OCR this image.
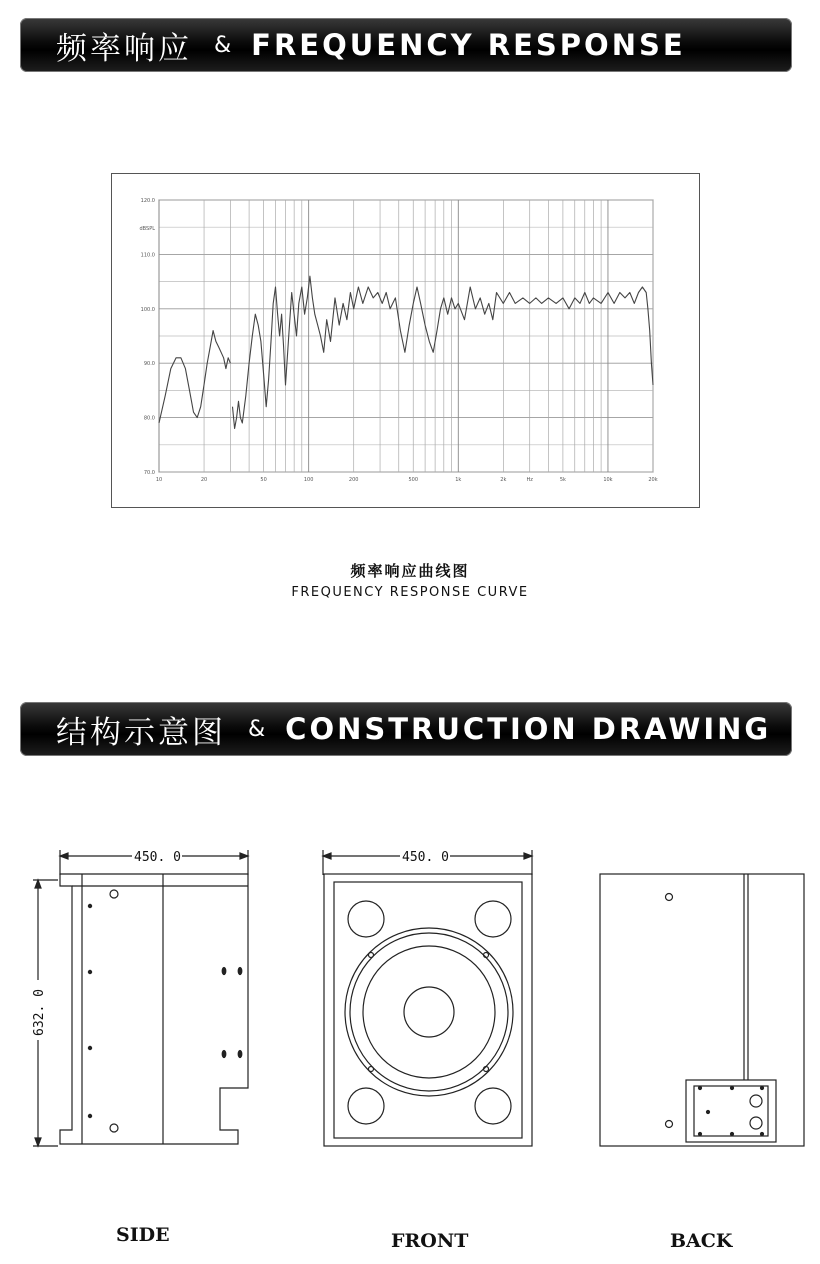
频率响应 & FREQUENCY RESPONSE
70.0
80.0
90.0
100.0
110.0
120.0
dBSPL
10	20	50	100	200	500	1k	2k	5k	10k	20k
Hz
频率响应曲线图
FREQUENCY RESPONSE CURVE
结构示意图 & CONSTRUCTION DRAWING
450. 0	450. 0
632. 0
SIDE	FRONT	BACK
